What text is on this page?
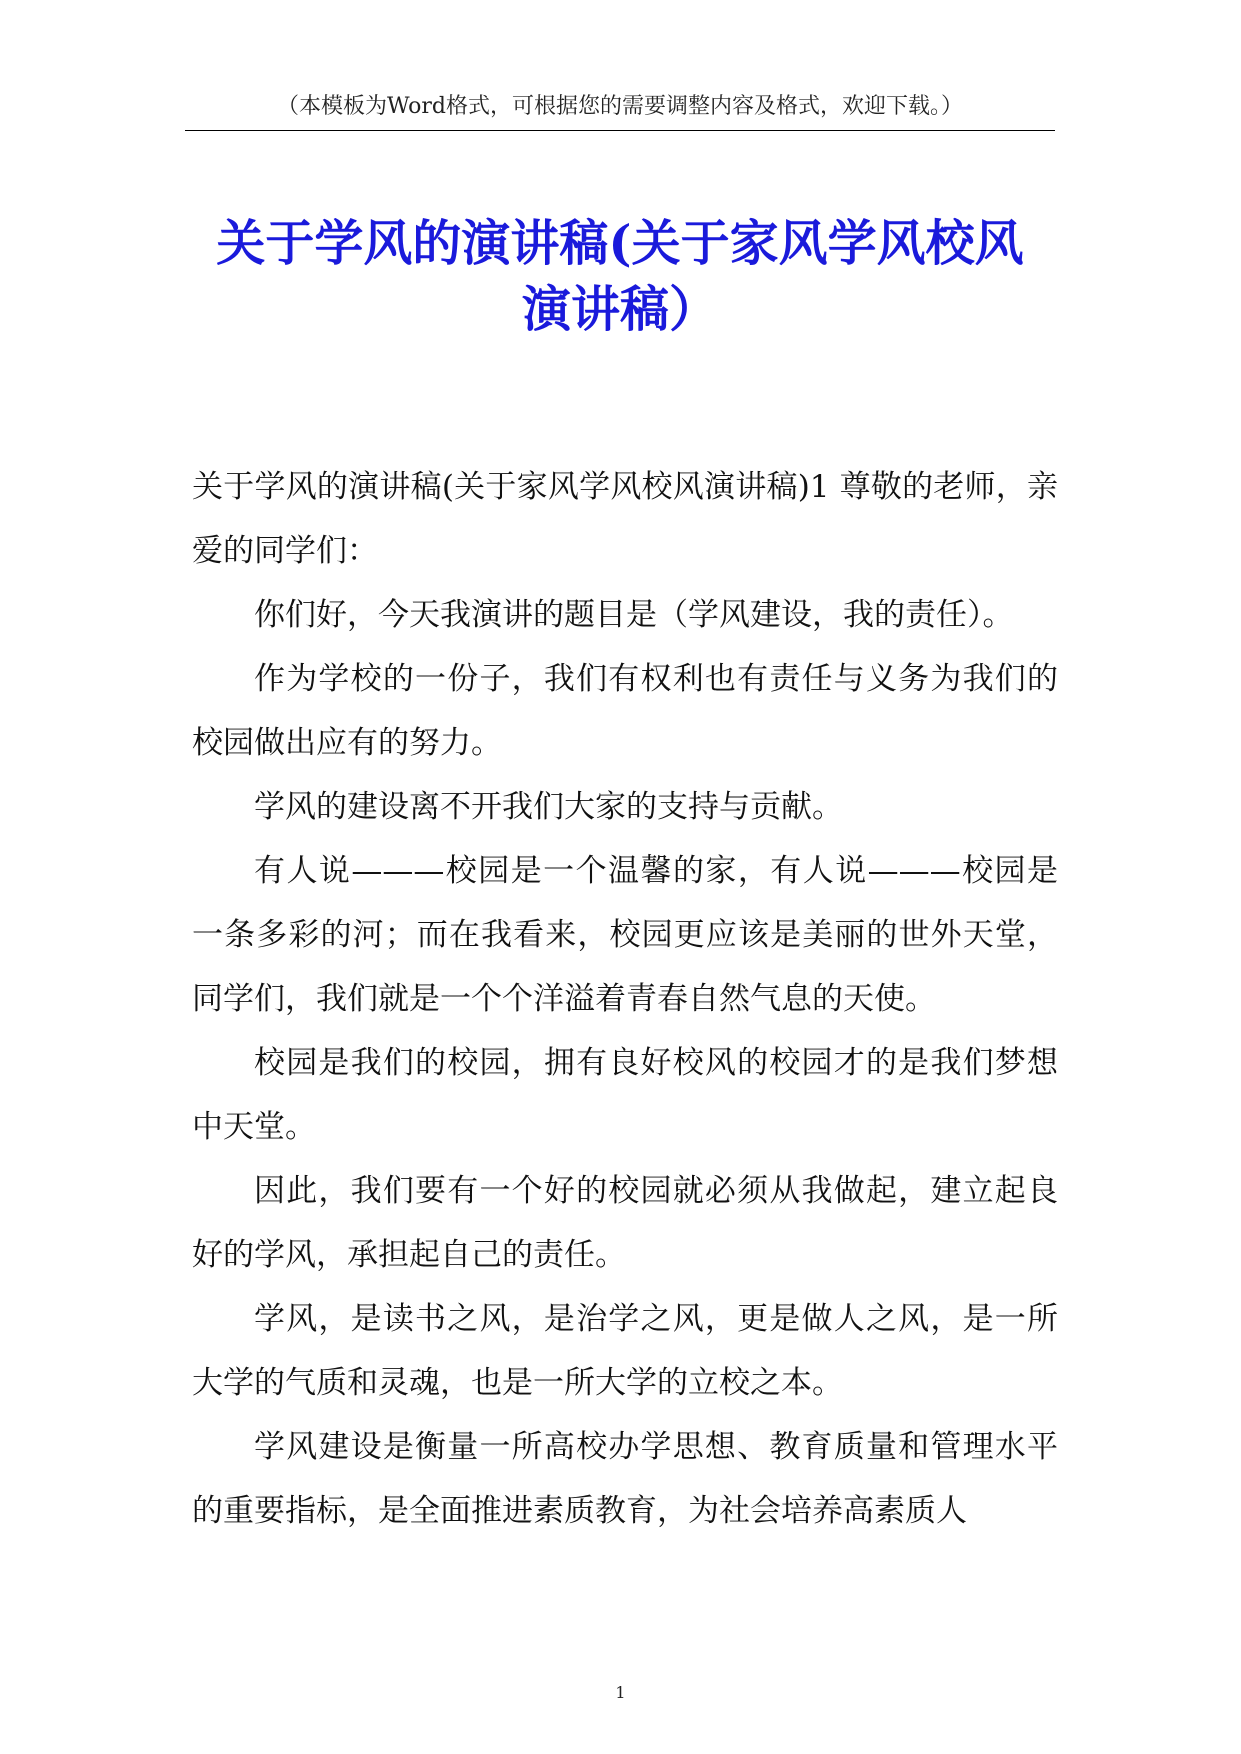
（本模板为Word格式，可根据您的需要调整内容及格式，欢迎下载。）
关于学风的演讲稿(关于家风学风校风
演讲稿）

关于学风的演讲稿(关于家风学风校风演讲稿)1 尊敬的老师，亲爱的同学们：

你们好，今天我演讲的题目是（学风建设，我的责任）。

作为学校的一份子，我们有权利也有责任与义务为我们的校园做出应有的努力。

学风的建设离不开我们大家的支持与贡献。

有人说———校园是一个温馨的家，有人说———校园是一条多彩的河；而在我看来，校园更应该是美丽的世外天堂，同学们，我们就是一个个洋溢着青春自然气息的天使。

校园是我们的校园，拥有良好校风的校园才的是我们梦想中天堂。

因此，我们要有一个好的校园就必须从我做起，建立起良好的学风，承担起自己的责任。

学风，是读书之风，是治学之风，更是做人之风，是一所大学的气质和灵魂，也是一所大学的立校之本。

学风建设是衡量一所高校办学思想、教育质量和管理水平的重要指标，是全面推进素质教育，为社会培养高素质人

1
